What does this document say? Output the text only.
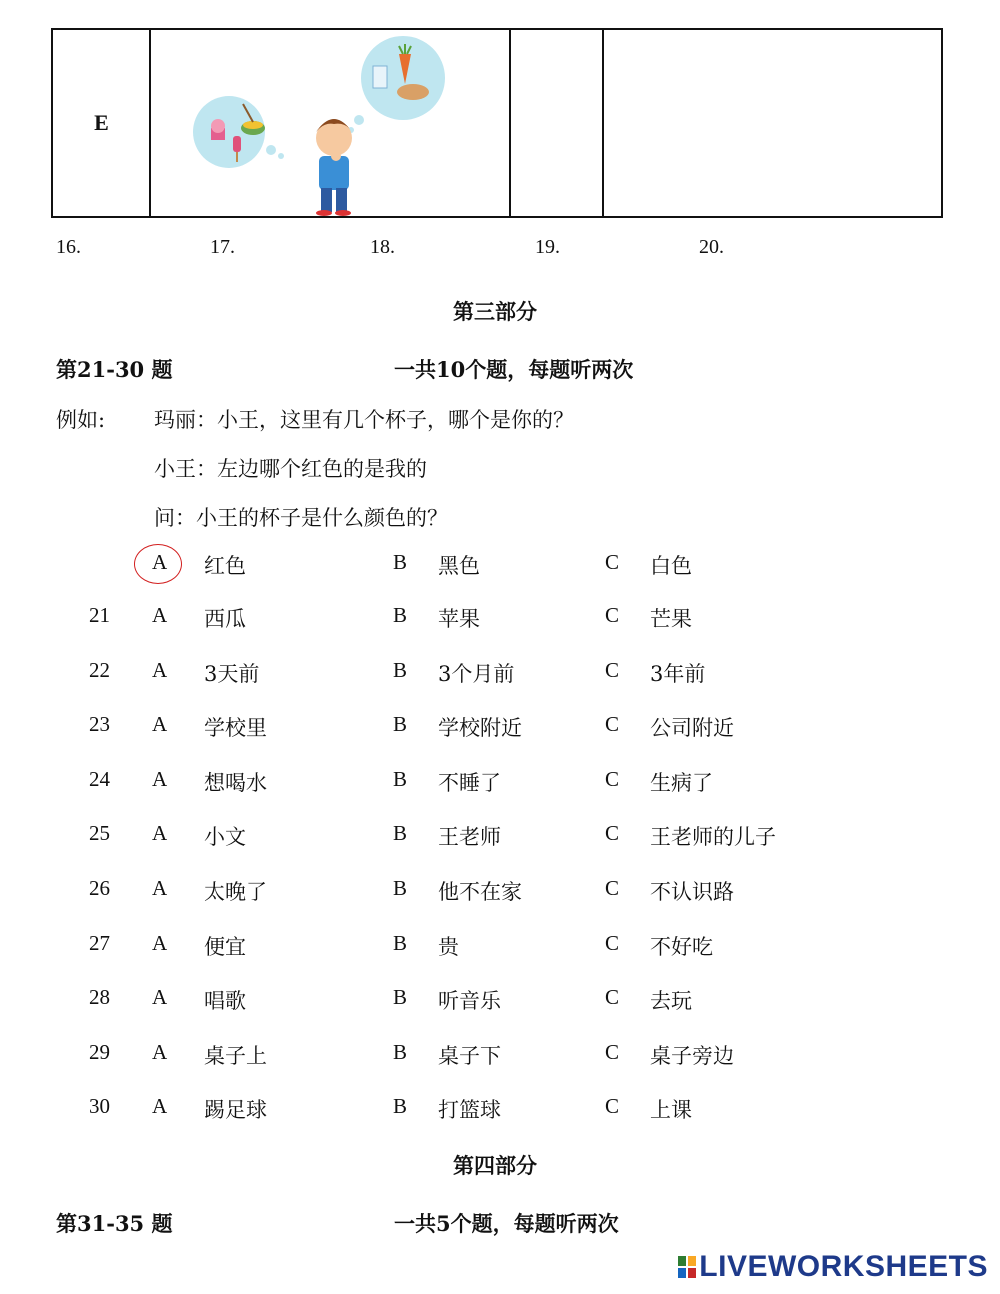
E
16.	17.	18.	19.	20.
第三部分
第21-30 题	一共10个题，每题听两次
例如: 玛丽：小王，这里有几个杯子，哪个是你的？
小王：左边哪个红色的是我的
问：小王的杯子是什么颜色的？
A 红色	B 黑色	C 白色
21 A 西瓜	B 苹果	C 芒果
22 A 3天前	B 3个月前	C 3年前
23 A 学校里	B 学校附近	C 公司附近
24 A 想喝水	B 不睡了	C 生病了
25 A 小文	B 王老师	C 王老师的儿子
26 A 太晚了	B 他不在家	C 不认识路
27 A 便宜	B 贵	C 不好吃
28 A 唱歌	B 听音乐	C 去玩
29 A 桌子上	B 桌子下	C 桌子旁边
30 A 踢足球	B 打篮球	C 上课
第四部分
第31-35 题	一共5个题，每题听两次
LIVEWORKSHEETS
